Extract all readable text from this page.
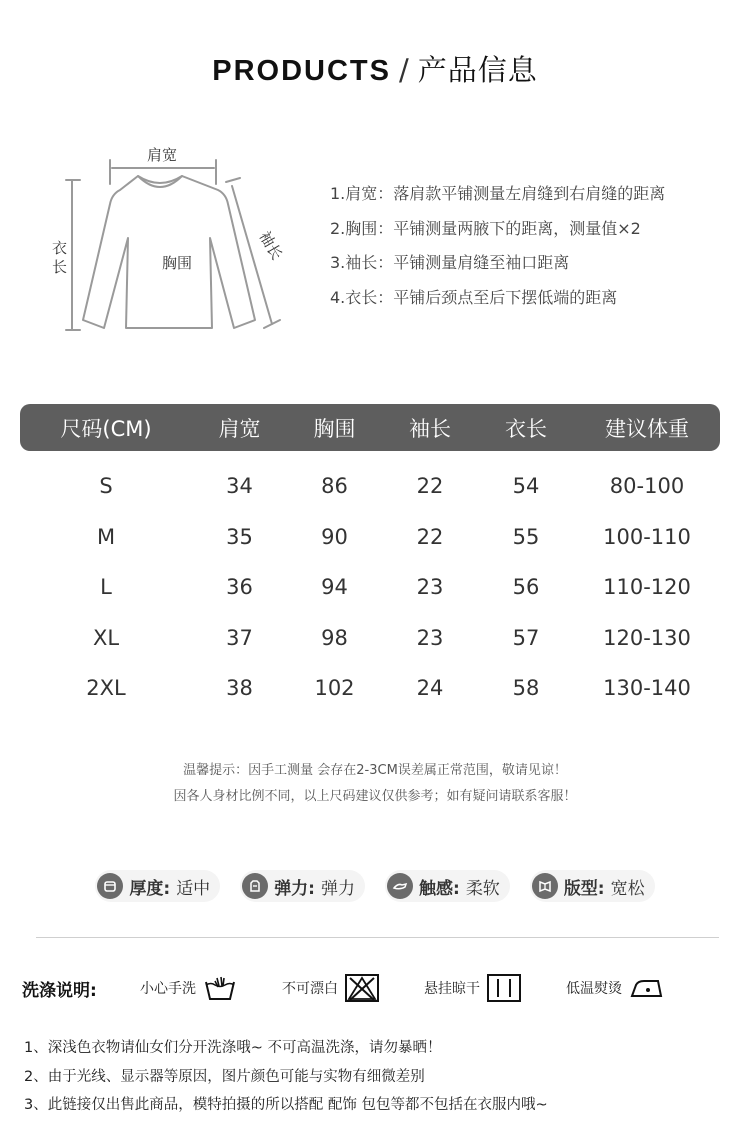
PRODUCTS / 产品信息
肩宽
胸围
衣
长
袖长
1.肩宽：落肩款平铺测量左肩缝到右肩缝的距离
2.胸围：平铺测量两腋下的距离，测量值×2
3.袖长：平铺测量肩缝至袖口距离
4.衣长：平铺后颈点至后下摆低端的距离
尺码(CM)	肩宽	胸围	袖长	衣长	建议体重
S	34	86	22	54	80-100
M	35	90	22	55	100-110
L	36	94	23	56	110-120
XL	37	98	23	57	120-130
2XL	38	102	24	58	130-140
温馨提示：因手工测量 会存在2-3CM误差属正常范围，敬请见谅！
因各人身材比例不同，以上尺码建议仅供参考；如有疑问请联系客服！
厚度: 适中	弹力: 弹力	触感: 柔软	版型: 宽松
洗涤说明:	小心手洗	不可漂白	悬挂晾干	低温熨烫
1、深浅色衣物请仙女们分开洗涤哦~ 不可高温洗涤，请勿暴晒！
2、由于光线、显示器等原因，图片颜色可能与实物有细微差别
3、此链接仅出售此商品，模特拍摄的所以搭配 配饰 包包等都不包括在衣服内哦~
